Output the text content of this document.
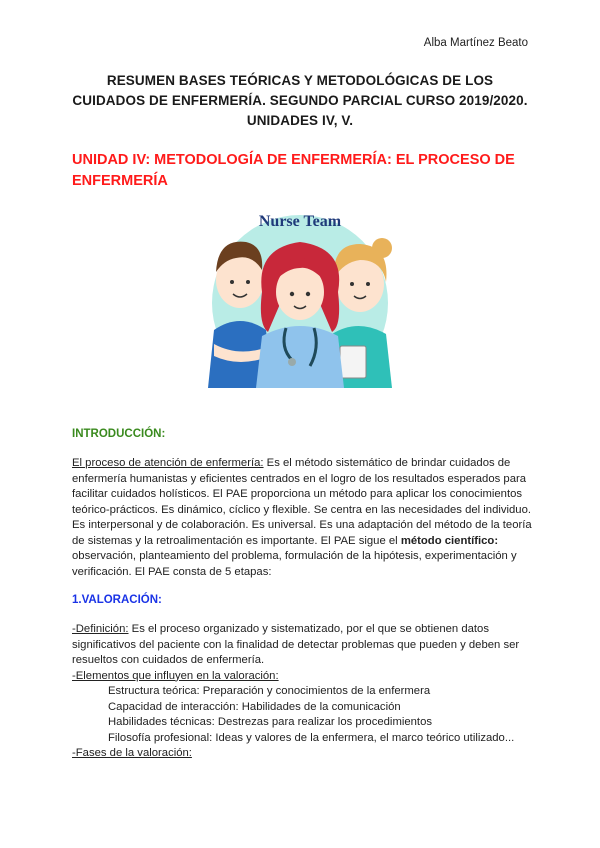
Alba Martínez Beato
RESUMEN BASES TEÓRICAS Y METODOLÓGICAS DE LOS CUIDADOS DE ENFERMERÍA. SEGUNDO PARCIAL CURSO 2019/2020. UNIDADES IV, V.
UNIDAD IV: METODOLOGÍA DE ENFERMERÍA: EL PROCESO DE ENFERMERÍA
Nurse Team
INTRODUCCIÓN:

El proceso de atención de enfermería: Es el método sistemático de brindar cuidados de enfermería humanistas y eficientes centrados en el logro de los resultados esperados para facilitar cuidados holísticos. El PAE proporciona un método para aplicar los conocimientos teórico-prácticos. Es dinámico, cíclico y flexible. Se centra en las necesidades del individuo. Es interpersonal y de colaboración. Es universal. Es una adaptación del método de la teoría de sistemas y la retroalimentación es importante. El PAE sigue el método científico: observación, planteamiento del problema, formulación de la hipótesis, experimentación y verificación. El PAE consta de 5 etapas:

1.VALORACIÓN:

-Definición: Es el proceso organizado y sistematizado, por el que se obtienen datos significativos del paciente con la finalidad de detectar problemas que pueden y deben ser resueltos con cuidados de enfermería.

-Elementos que influyen en la valoración:

Estructura teórica: Preparación y conocimientos de la enfermera

Capacidad de interacción: Habilidades de la comunicación

Habilidades técnicas: Destrezas para realizar los procedimientos

Filosofía profesional: Ideas y valores de la enfermera, el marco teórico utilizado...

-Fases de la valoración:
